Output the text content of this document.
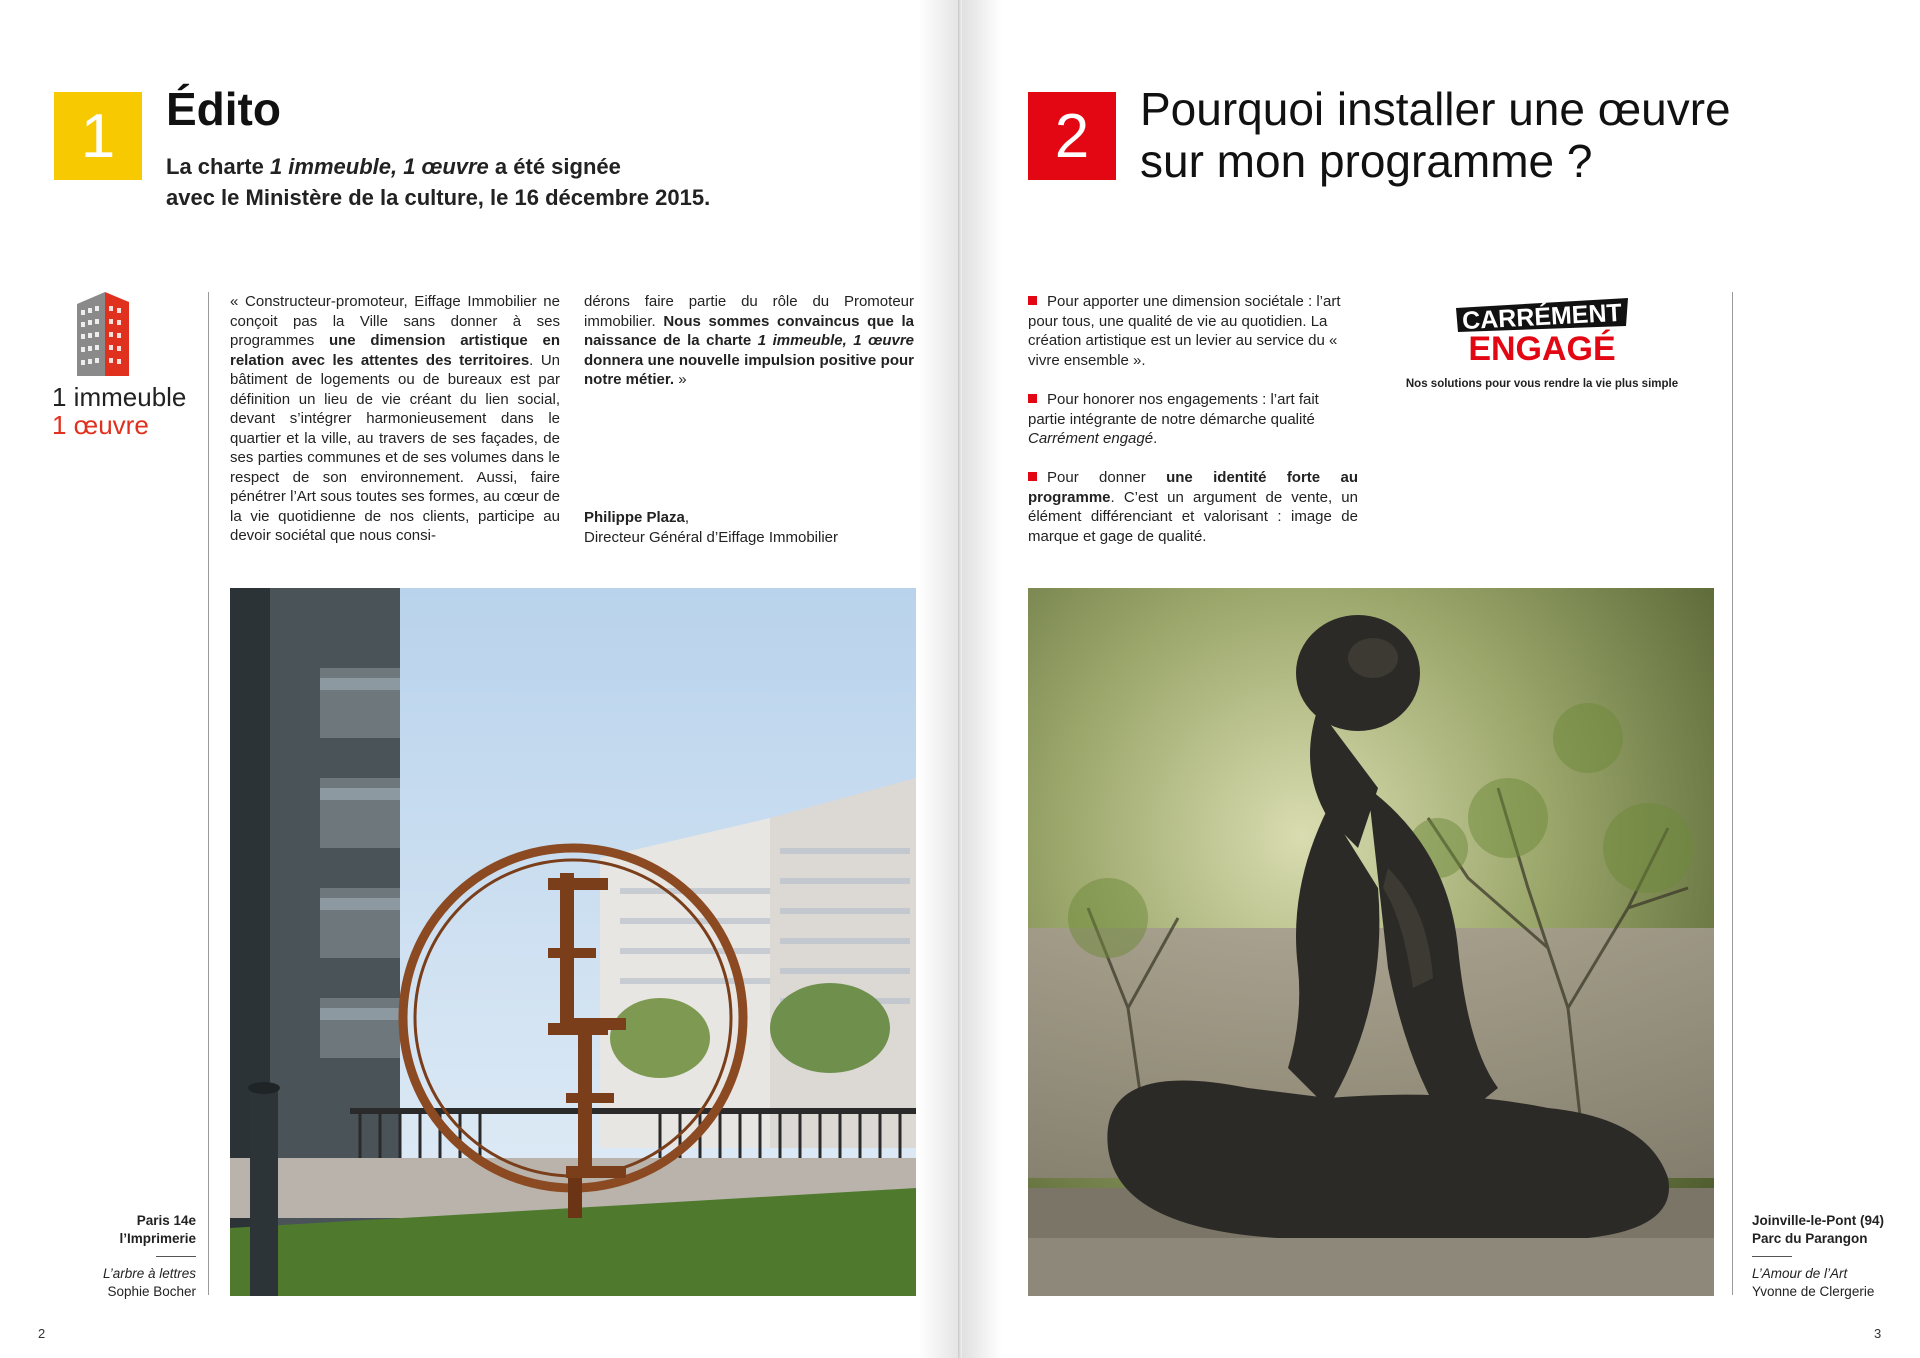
1	Édito
La charte 1 immeuble, 1 œuvre a été signée
avec le Ministère de la culture, le 16 décembre 2015.
1 immeuble
1 œuvre
« Constructeur-promoteur, Eiffage Immobilier ne conçoit pas la Ville sans donner à ses programmes une dimension artistique en relation avec les attentes des territoires. Un bâtiment de logements ou de bureaux est par définition un lieu de vie créant du lien social, devant s’intégrer harmonieusement dans le quartier et la ville, au travers de ses façades, de ses parties communes et de ses volumes dans le respect de son environnement. Aussi, faire pénétrer l’Art sous toutes ses formes, au cœur de la vie quotidienne de nos clients, participe au devoir sociétal que nous consi-
dérons faire partie du rôle du Promoteur immobilier. Nous sommes convaincus que la naissance de la charte 1 immeuble, 1 œuvre donnera une nouvelle impulsion positive pour notre métier. »
Philippe Plaza,
Directeur Général d’Eiffage Immobilier
Paris 14e
l’Imprimerie
L’arbre à lettres
Sophie Bocher
2
2	Pourquoi installer une œuvre
sur mon programme ?
Pour apporter une dimension sociétale : l’art pour tous, une qualité de vie au quotidien. La création artistique est un levier au service du « vivre ensemble ».
Pour honorer nos engagements : l’art fait partie intégrante de notre démarche qualité Carrément engagé.
Pour donner une identité forte au programme. C’est un argument de vente, un élément différenciant et valorisant : image de marque et gage de qualité.
CARRÉMENT
ENGAGÉ
Nos solutions pour vous rendre la vie plus simple
Joinville-le-Pont (94)
Parc du Parangon
L’Amour de l’Art
Yvonne de Clergerie
3
